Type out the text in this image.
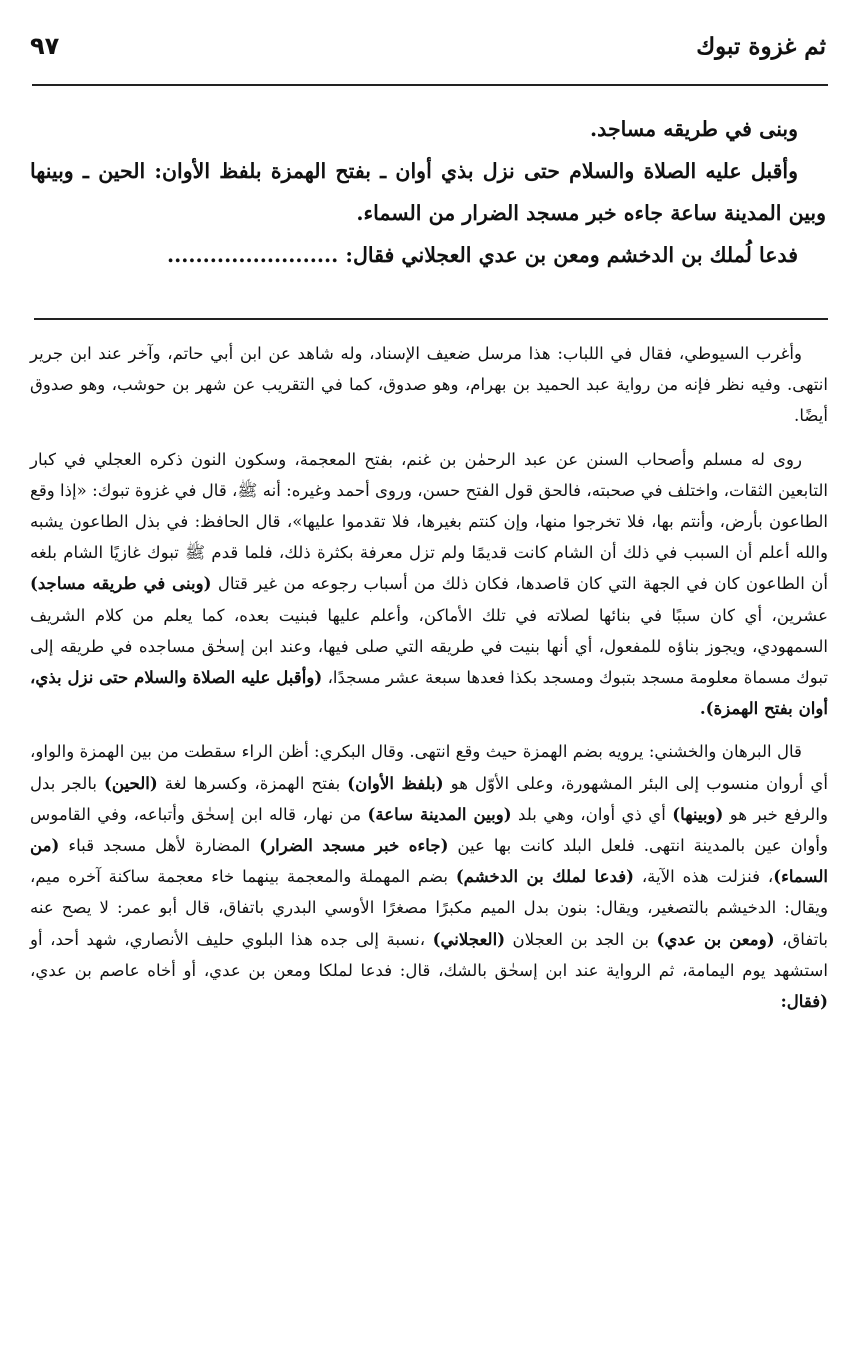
ثم غزوة تبوك
٩٧

وبنى في طريقه مساجد.

وأقبل عليه الصلاة والسلام حتى نزل بذي أوان ـ بفتح الهمزة بلفظ الأوان: الحين ـ وبينها وبين المدينة ساعة جاءه خبر مسجد الضرار من السماء.

فدعا لُملك بن الدخشم ومعن بن عدي العجلاني فقال: ........................

وأغرب السيوطي، فقال في اللباب: هذا مرسل ضعيف الإسناد، وله شاهد عن ابن أبي حاتم، وآخر عند ابن جرير انتهى. وفيه نظر فإنه من رواية عبد الحميد بن بهرام، وهو صدوق، كما في التقريب عن شهر بن حوشب، وهو صدوق أيضًا.

روى له مسلم وأصحاب السنن عن عبد الرحمٰن بن غنم، بفتح المعجمة، وسكون النون ذكره العجلي في كبار التابعين الثقات، واختلف في صحبته، فالحق قول الفتح حسن، وروى أحمد وغيره: أنه ﷺ، قال في غزوة تبوك: «إذا وقع الطاعون بأرض، وأنتم بها، فلا تخرجوا منها، وإن كنتم بغيرها، فلا تقدموا عليها»، قال الحافظ: في بذل الطاعون يشبه والله أعلم أن السبب في ذلك أن الشام كانت قديمًا ولم تزل معرفة بكثرة ذلك، فلما قدم ﷺ تبوك غازيًا الشام بلغه أن الطاعون كان في الجهة التي كان قاصدها، فكان ذلك من أسباب رجوعه من غير قتال (وبنى في طريقه مساجد) عشرين، أي كان سببًا في بنائها لصلاته في تلك الأماكن، وأعلم عليها فبنيت بعده، كما يعلم من كلام الشريف السمهودي، ويجوز بناؤه للمفعول، أي أنها بنيت في طريقه التي صلى فيها، وعند ابن إسحٰق مساجده في طريقه إلى تبوك مسماة معلومة مسجد بتبوك ومسجد بكذا فعدها سبعة عشر مسجدًا، (وأقبل عليه الصلاة والسلام حتى نزل بذي، أوان بفتح الهمزة).

قال البرهان والخشني: يرويه بضم الهمزة حيث وقع انتهى. وقال البكري: أظن الراء سقطت من بين الهمزة والواو، أي أروان منسوب إلى البئر المشهورة، وعلى الأوّل هو (بلفظ الأوان) بفتح الهمزة، وكسرها لغة (الحين) بالجر بدل والرفع خبر هو (وبينها) أي ذي أوان، وهي بلد (وبين المدينة ساعة) من نهار، قاله ابن إسحٰق وأتباعه، وفي القاموس وأوان عين بالمدينة انتهى. فلعل البلد كانت بها عين (جاءه خبر مسجد الضرار) المضارة لأهل مسجد قباء (من السماء)، فنزلت هذه الآية، (فدعا لملك بن الدخشم) بضم المهملة والمعجمة بينهما خاء معجمة ساكنة آخره ميم، ويقال: الدخيشم بالتصغير، ويقال: بنون بدل الميم مكبرًا مصغرًا الأوسي البدري باتفاق، قال أبو عمر: لا يصح عنه باتفاق، (ومعن بن عدي) بن الجد بن العجلان (العجلاني) ،نسبة إلى جده هذا البلوي حليف الأنصاري، شهد أحد، أو استشهد يوم اليمامة، ثم الرواية عند ابن إسحٰق بالشك، قال: فدعا لملكا ومعن بن عدي، أو أخاه عاصم بن عدي، (فقال:
